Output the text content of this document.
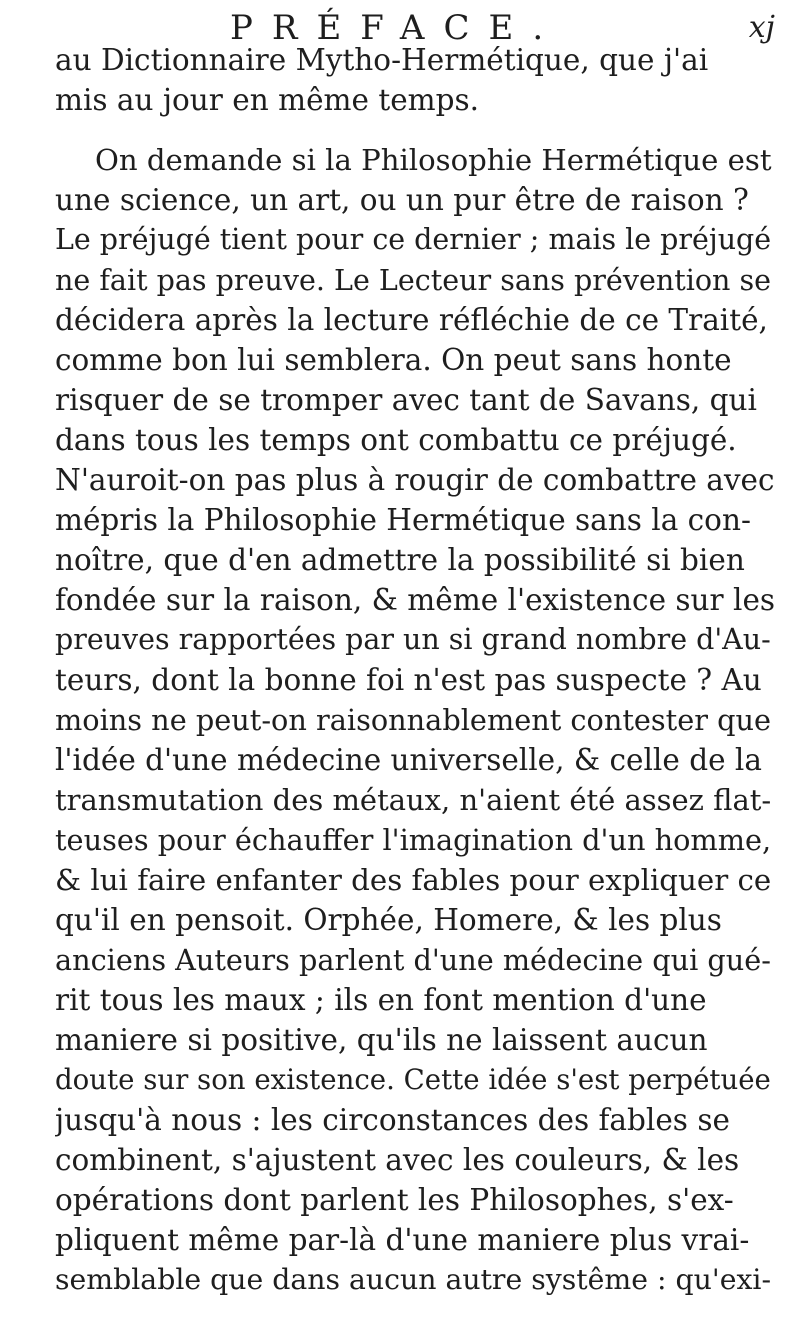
PRÉFACE.	xj
au Dictionnaire Mytho-Hermétique, que j'ai
mis au jour en même temps.
On demande si la Philosophie Hermétique est
une science, un art, ou un pur être de raison ?
Le préjugé tient pour ce dernier ; mais le préjugé
ne fait pas preuve. Le Lecteur sans prévention se
décidera après la lecture réfléchie de ce Traité,
comme bon lui semblera. On peut sans honte
risquer de se tromper avec tant de Savans, qui
dans tous les temps ont combattu ce préjugé.
N'auroit-on pas plus à rougir de combattre avec
mépris la Philosophie Hermétique sans la con-
noître, que d'en admettre la possibilité si bien
fondée sur la raison, & même l'existence sur les
preuves rapportées par un si grand nombre d'Au-
teurs, dont la bonne foi n'est pas suspecte ? Au
moins ne peut-on raisonnablement contester que
l'idée d'une médecine universelle, & celle de la
transmutation des métaux, n'aient été assez flat-
teuses pour échauffer l'imagination d'un homme,
& lui faire enfanter des fables pour expliquer ce
qu'il en pensoit. Orphée, Homere, & les plus
anciens Auteurs parlent d'une médecine qui gué-
rit tous les maux ; ils en font mention d'une
maniere si positive, qu'ils ne laissent aucun
doute sur son existence. Cette idée s'est perpétuée
jusqu'à nous : les circonstances des fables se
combinent, s'ajustent avec les couleurs, & les
opérations dont parlent les Philosophes, s'ex-
pliquent même par-là d'une maniere plus vrai-
semblable que dans aucun autre systême : qu'exi-
